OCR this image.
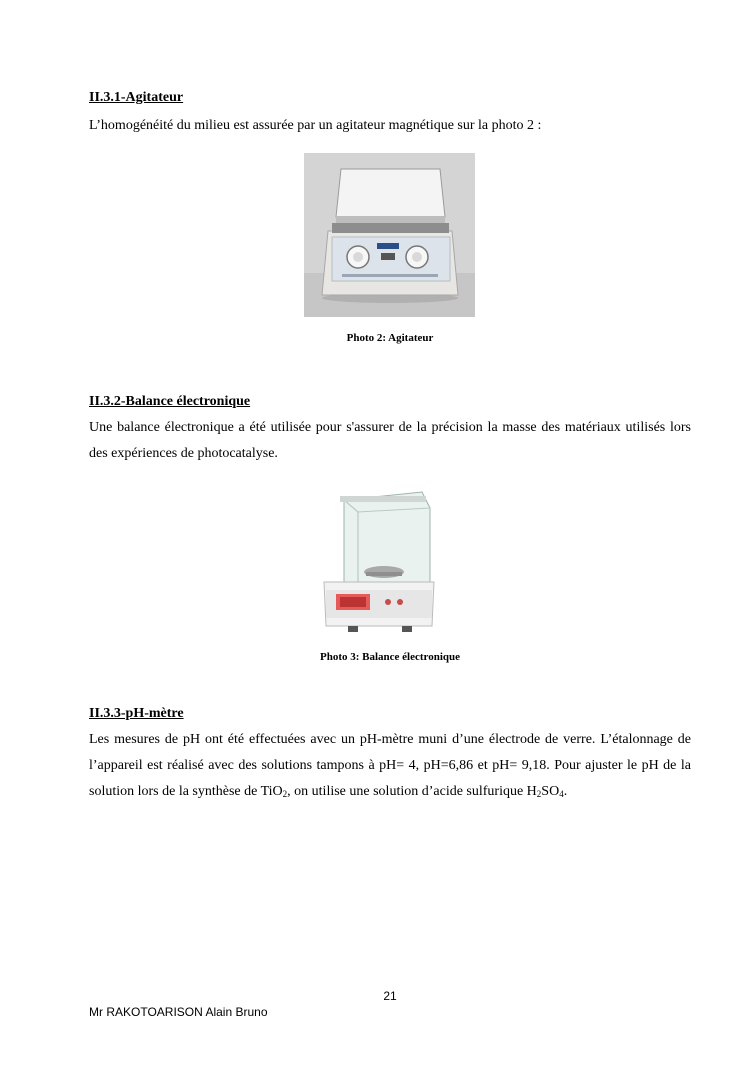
II.3.1-Agitateur

L’homogénéité du milieu est assurée par un agitateur magnétique sur la photo 2 :

Photo 2: Agitateur

II.3.2-Balance électronique

Une balance électronique a été utilisée pour s'assurer de la précision la masse des matériaux utilisés lors des expériences de photocatalyse.

Photo 3: Balance électronique

II.3.3-pH-mètre

Les mesures de pH ont été effectuées avec un pH-mètre muni d’une électrode de verre. L’étalonnage de l’appareil est réalisé avec des solutions tampons à pH= 4, pH=6,86 et pH= 9,18. Pour ajuster le pH de la solution lors de la synthèse de TiO$_2$, on utilise une solution d’acide sulfurique $H_2SO_4$.

21
Mr RAKOTOARISON Alain Bruno
